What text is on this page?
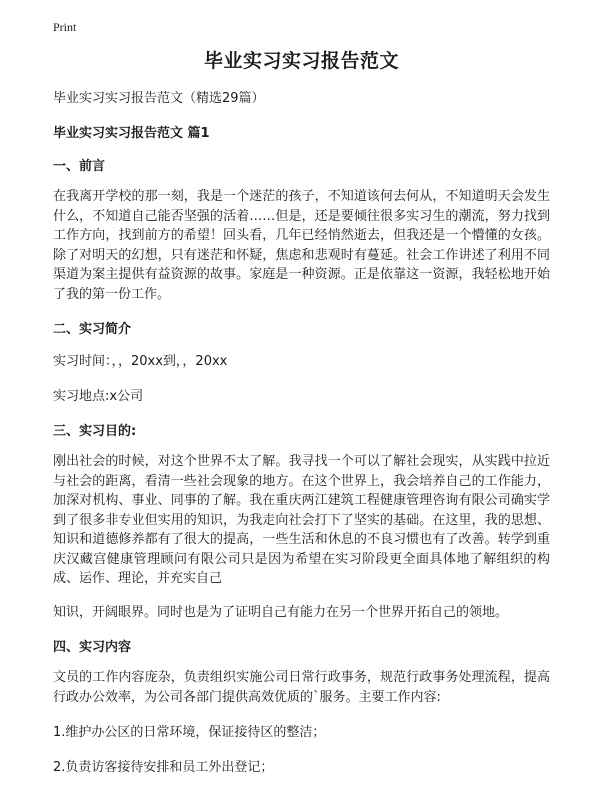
Print
毕业实习实习报告范文

毕业实习实习报告范文（精选29篇）

毕业实习实习报告范文 篇1

一、前言

在我离开学校的那一刻，我是一个迷茫的孩子，不知道该何去何从，不知道明天会发生什么，不知道自己能否坚强的活着……但是，还是要倾往很多实习生的潮流，努力找到工作方向，找到前方的希望！回头看，几年已经悄然逝去，但我还是一个懵懂的女孩。除了对明天的幻想，只有迷茫和怀疑，焦虑和悲观时有蔓延。社会工作讲述了利用不同渠道为案主提供有益资源的故事。家庭是一种资源。正是依靠这一资源，我轻松地开始了我的第一份工作。

二、实习简介

实习时间：，，20xx到，，20xx

实习地点:x公司

三、实习目的:

刚出社会的时候，对这个世界不太了解。我寻找一个可以了解社会现实，从实践中拉近与社会的距离，看清一些社会现象的地方。在这个世界上，我会培养自己的工作能力，加深对机构、事业、同事的了解。我在重庆两江建筑工程健康管理咨询有限公司确实学到了很多非专业但实用的知识，为我走向社会打下了坚实的基础。在这里，我的思想、知识和道德修养都有了很大的提高，一些生活和休息的不良习惯也有了改善。转学到重庆汉藏宫健康管理顾问有限公司只是因为希望在实习阶段更全面具体地了解组织的构成、运作、理论，并充实自己

知识，开阔眼界。同时也是为了证明自己有能力在另一个世界开拓自己的领地。

四、实习内容

文员的工作内容庞杂，负责组织实施公司日常行政事务，规范行政事务处理流程，提高行政办公效率，为公司各部门提供高效优质的`服务。主要工作内容:

1.维护办公区的日常环境，保证接待区的整洁；

2.负责访客接待安排和员工外出登记；
